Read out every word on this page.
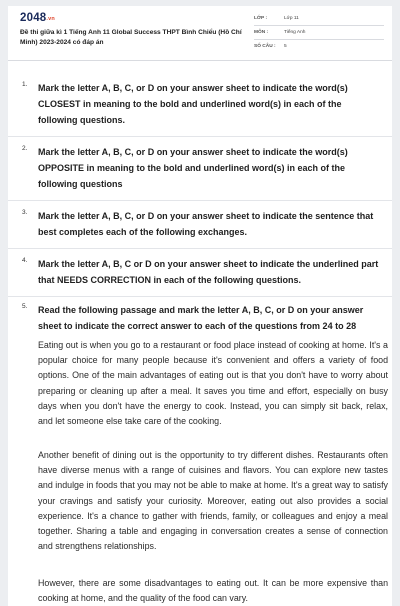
2048.vn
Đề thi giữa kì 1 Tiếng Anh 11 Global Success THPT Bình Chiểu (Hồ Chí Minh) 2023-2024 có đáp án
LỚP :	Lớp 11
MÔN :	Tiếng Anh
SỐ CÂU : 5
1. Mark the letter A, B, C, or D on your answer sheet to indicate the word(s) CLOSEST in meaning to the bold and underlined word(s) in each of the following questions.
2. Mark the letter A, B, C, or D on your answer sheet to indicate the word(s) OPPOSITE in meaning to the bold and underlined word(s) in each of the following questions
3. Mark the letter A, B, C, or D on your answer sheet to indicate the sentence that best completes each of the following exchanges.
4. Mark the letter A, B, C or D on your answer sheet to indicate the underlined part that NEEDS CORRECTION in each of the following questions.
5. Read the following passage and mark the letter A, B, C, or D on your answer sheet to indicate the correct answer to each of the questions from 24 to 28
Eating out is when you go to a restaurant or food place instead of cooking at home. It's a popular choice for many people because it's convenient and offers a variety of food options. One of the main advantages of eating out is that you don't have to worry about preparing or cleaning up after a meal. It saves you time and effort, especially on busy days when you don't have the energy to cook. Instead, you can simply sit back, relax, and let someone else take care of the cooking.
Another benefit of dining out is the opportunity to try different dishes. Restaurants often have diverse menus with a range of cuisines and flavors. You can explore new tastes and indulge in foods that you may not be able to make at home. It's a great way to satisfy your cravings and satisfy your curiosity. Moreover, eating out also provides a social experience. It's a chance to gather with friends, family, or colleagues and enjoy a meal together. Sharing a table and engaging in conversation creates a sense of connection and strengthens relationships.
However, there are some disadvantages to eating out. It can be more expensive than cooking at home, and the quality of the food can vary.
